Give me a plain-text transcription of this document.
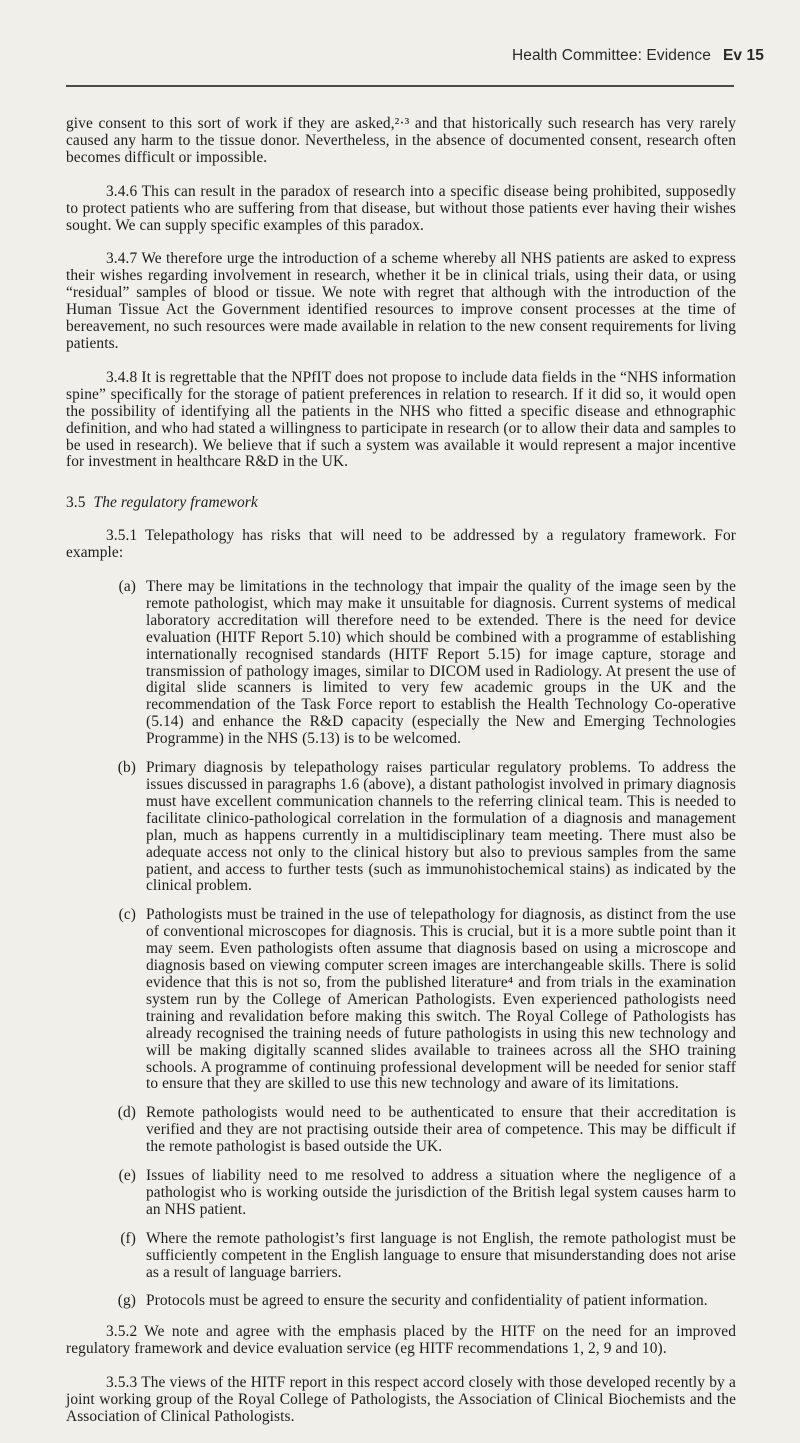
Health Committee: Evidence Ev 15

give consent to this sort of work if they are asked,²·³ and that historically such research has very rarely caused any harm to the tissue donor. Nevertheless, in the absence of documented consent, research often becomes difficult or impossible.

3.4.6 This can result in the paradox of research into a specific disease being prohibited, supposedly to protect patients who are suffering from that disease, but without those patients ever having their wishes sought. We can supply specific examples of this paradox.

3.4.7 We therefore urge the introduction of a scheme whereby all NHS patients are asked to express their wishes regarding involvement in research, whether it be in clinical trials, using their data, or using “residual” samples of blood or tissue. We note with regret that although with the introduction of the Human Tissue Act the Government identified resources to improve consent processes at the time of bereavement, no such resources were made available in relation to the new consent requirements for living patients.

3.4.8 It is regrettable that the NPfIT does not propose to include data fields in the “NHS information spine” specifically for the storage of patient preferences in relation to research. If it did so, it would open the possibility of identifying all the patients in the NHS who fitted a specific disease and ethnographic definition, and who had stated a willingness to participate in research (or to allow their data and samples to be used in research). We believe that if such a system was available it would represent a major incentive for investment in healthcare R&D in the UK.

3.5 The regulatory framework

3.5.1 Telepathology has risks that will need to be addressed by a regulatory framework. For example:

(a) There may be limitations in the technology that impair the quality of the image seen by the remote pathologist, which may make it unsuitable for diagnosis. Current systems of medical laboratory accreditation will therefore need to be extended. There is the need for device evaluation (HITF Report 5.10) which should be combined with a programme of establishing internationally recognised standards (HITF Report 5.15) for image capture, storage and transmission of pathology images, similar to DICOM used in Radiology. At present the use of digital slide scanners is limited to very few academic groups in the UK and the recommendation of the Task Force report to establish the Health Technology Co-operative (5.14) and enhance the R&D capacity (especially the New and Emerging Technologies Programme) in the NHS (5.13) is to be welcomed.
(b) Primary diagnosis by telepathology raises particular regulatory problems. To address the issues discussed in paragraphs 1.6 (above), a distant pathologist involved in primary diagnosis must have excellent communication channels to the referring clinical team. This is needed to facilitate clinico-pathological correlation in the formulation of a diagnosis and management plan, much as happens currently in a multidisciplinary team meeting. There must also be adequate access not only to the clinical history but also to previous samples from the same patient, and access to further tests (such as immunohistochemical stains) as indicated by the clinical problem.
(c) Pathologists must be trained in the use of telepathology for diagnosis, as distinct from the use of conventional microscopes for diagnosis. This is crucial, but it is a more subtle point than it may seem. Even pathologists often assume that diagnosis based on using a microscope and diagnosis based on viewing computer screen images are interchangeable skills. There is solid evidence that this is not so, from the published literature⁴ and from trials in the examination system run by the College of American Pathologists. Even experienced pathologists need training and revalidation before making this switch. The Royal College of Pathologists has already recognised the training needs of future pathologists in using this new technology and will be making digitally scanned slides available to trainees across all the SHO training schools. A programme of continuing professional development will be needed for senior staff to ensure that they are skilled to use this new technology and aware of its limitations.
(d) Remote pathologists would need to be authenticated to ensure that their accreditation is verified and they are not practising outside their area of competence. This may be difficult if the remote pathologist is based outside the UK.
(e) Issues of liability need to me resolved to address a situation where the negligence of a pathologist who is working outside the jurisdiction of the British legal system causes harm to an NHS patient.
(f) Where the remote pathologist’s first language is not English, the remote pathologist must be sufficiently competent in the English language to ensure that misunderstanding does not arise as a result of language barriers.
(g) Protocols must be agreed to ensure the security and confidentiality of patient information.

3.5.2 We note and agree with the emphasis placed by the HITF on the need for an improved regulatory framework and device evaluation service (eg HITF recommendations 1, 2, 9 and 10).

3.5.3 The views of the HITF report in this respect accord closely with those developed recently by a joint working group of the Royal College of Pathologists, the Association of Clinical Biochemists and the Association of Clinical Pathologists.
